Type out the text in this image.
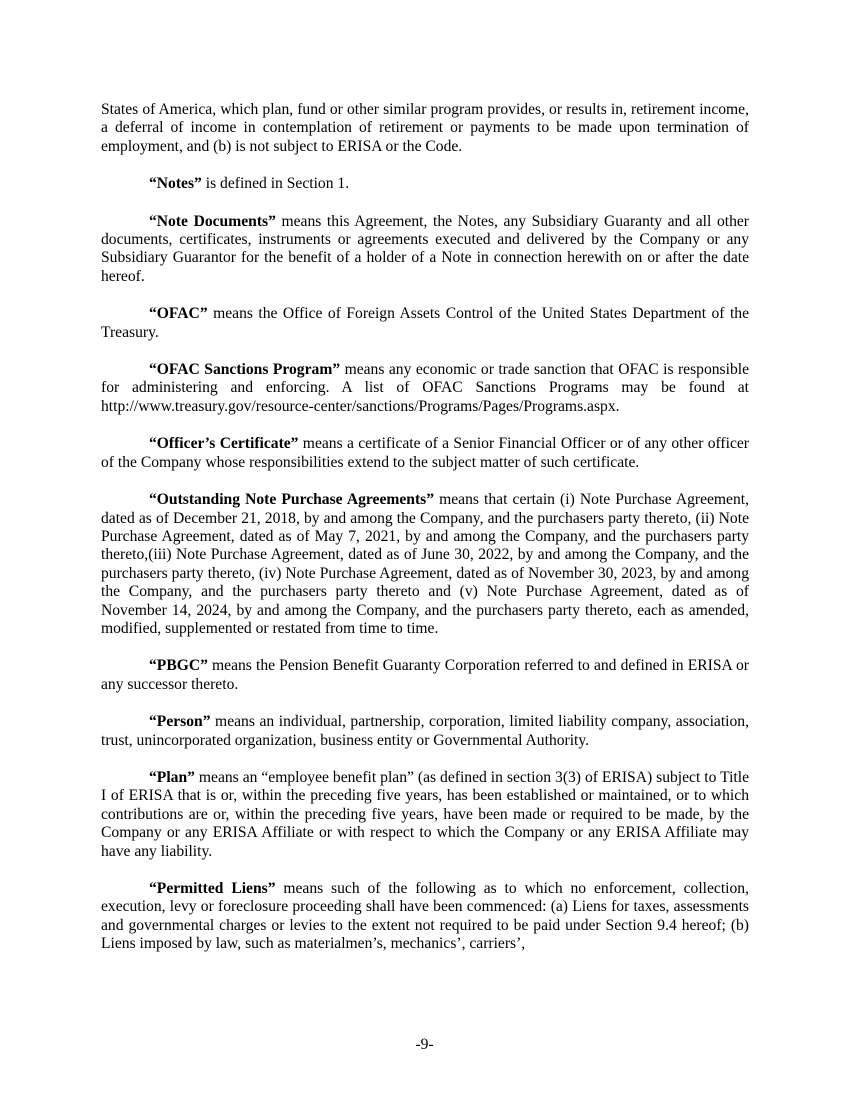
States of America, which plan, fund or other similar program provides, or results in, retirement income, a deferral of income in contemplation of retirement or payments to be made upon termination of employment, and (b) is not subject to ERISA or the Code.

“Notes” is defined in Section 1.

“Note Documents” means this Agreement, the Notes, any Subsidiary Guaranty and all other documents, certificates, instruments or agreements executed and delivered by the Company or any Subsidiary Guarantor for the benefit of a holder of a Note in connection herewith on or after the date hereof.

“OFAC” means the Office of Foreign Assets Control of the United States Department of the Treasury.

“OFAC Sanctions Program” means any economic or trade sanction that OFAC is responsible for administering and enforcing. A list of OFAC Sanctions Programs may be found at http://www.treasury.gov/resource-center/sanctions/Programs/Pages/Programs.aspx.

“Officer’s Certificate” means a certificate of a Senior Financial Officer or of any other officer of the Company whose responsibilities extend to the subject matter of such certificate.

“Outstanding Note Purchase Agreements” means that certain (i) Note Purchase Agreement, dated as of December 21, 2018, by and among the Company, and the purchasers party thereto, (ii) Note Purchase Agreement, dated as of May 7, 2021, by and among the Company, and the purchasers party thereto,(iii) Note Purchase Agreement, dated as of June 30, 2022, by and among the Company, and the purchasers party thereto, (iv) Note Purchase Agreement, dated as of November 30, 2023, by and among the Company, and the purchasers party thereto and (v) Note Purchase Agreement, dated as of November 14, 2024, by and among the Company, and the purchasers party thereto, each as amended, modified, supplemented or restated from time to time.

“PBGC” means the Pension Benefit Guaranty Corporation referred to and defined in ERISA or any successor thereto.

“Person” means an individual, partnership, corporation, limited liability company, association, trust, unincorporated organization, business entity or Governmental Authority.

“Plan” means an “employee benefit plan” (as defined in section 3(3) of ERISA) subject to Title I of ERISA that is or, within the preceding five years, has been established or maintained, or to which contributions are or, within the preceding five years, have been made or required to be made, by the Company or any ERISA Affiliate or with respect to which the Company or any ERISA Affiliate may have any liability.

“Permitted Liens” means such of the following as to which no enforcement, collection, execution, levy or foreclosure proceeding shall have been commenced: (a) Liens for taxes, assessments and governmental charges or levies to the extent not required to be paid under Section 9.4 hereof; (b) Liens imposed by law, such as materialmen’s, mechanics’, carriers’,

-9-
